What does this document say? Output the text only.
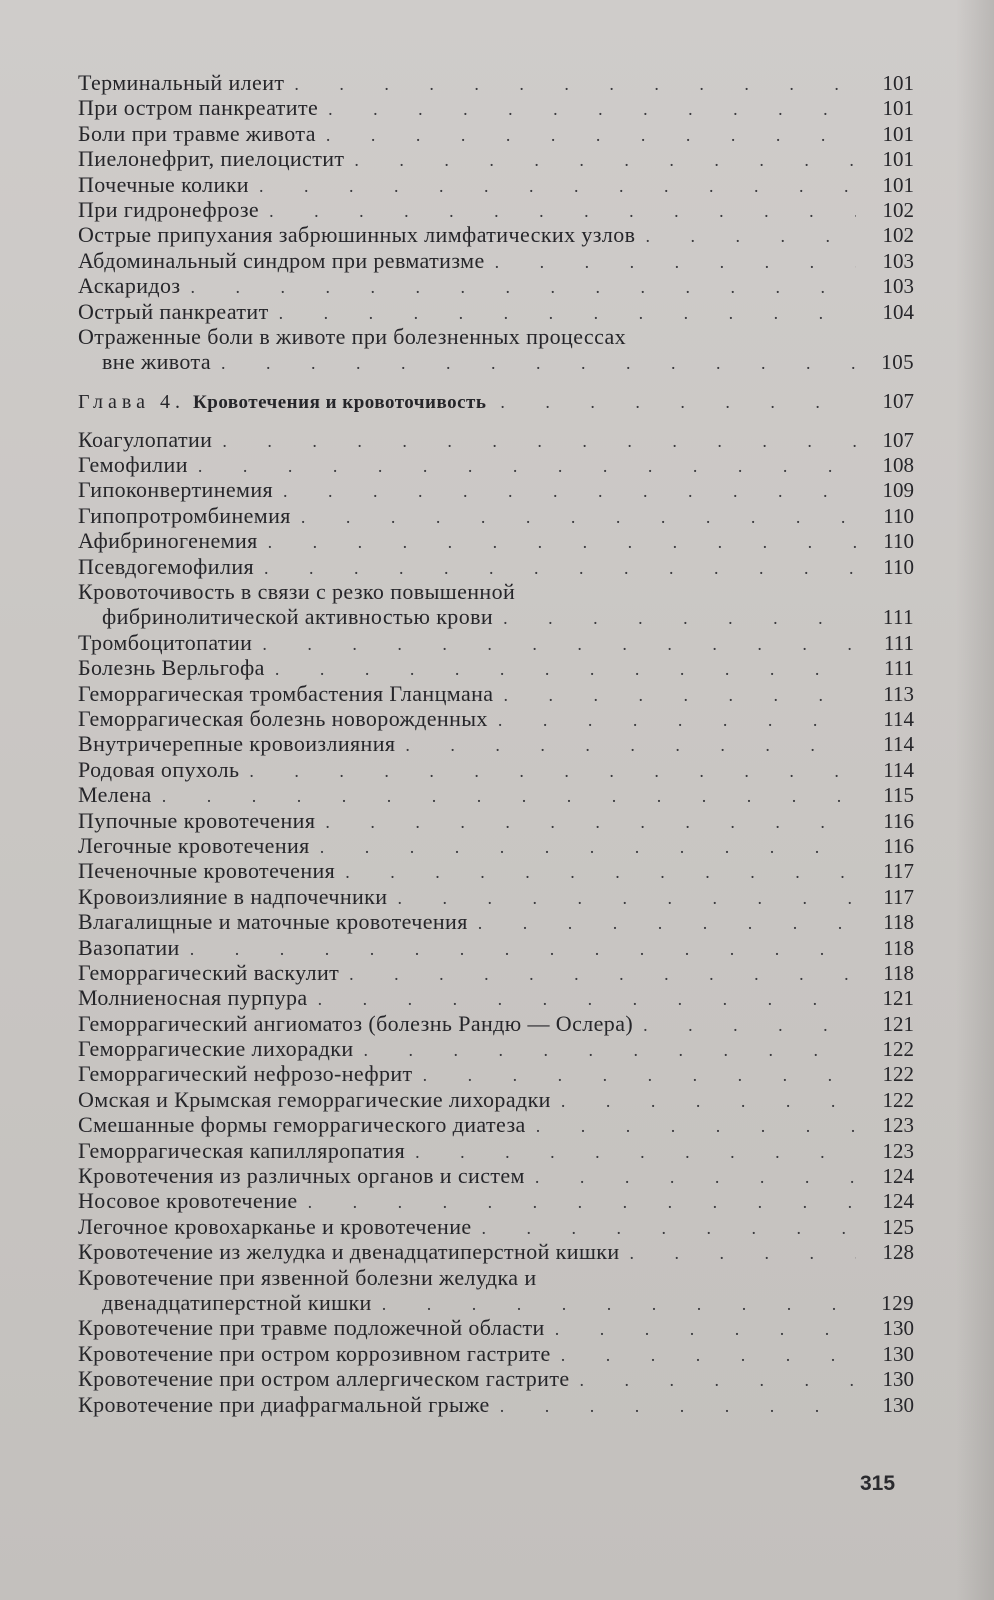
Терминальный илеит . . .	101
При остром панкреатите . . .	101
Боли при травме живота . . .	101
Пиелонефрит, пиелоцистит . . .	101
Почечные колики . . .	101
При гидронефрозе . . .	102
Острые припухания забрюшинных лимфатических узлов . . .	102
Абдоминальный синдром при ревматизме . . .	103
Аскаридоз . . .	103
Острый панкреатит . . .	104
Отраженные боли в животе при болезненных процессах
вне живота . . .	105
Глава 4. Кровотечения и кровоточивость . . .	107
Коагулопатии . . .	107
Гемофилии . . .	108
Гипоконвертинемия . . .	109
Гипопротромбинемия . . .	110
Афибриногенемия . . .	110
Псевдогемофилия . . .	110
Кровоточивость в связи с резко повышенной
фибринолитической активностью крови . . .	111
Тромбоцитопатии . . .	111
Болезнь Верльгофа . . .	111
Геморрагическая тромбастения Гланцмана . . .	113
Геморрагическая болезнь новорожденных . . .	114
Внутричерепные кровоизлияния . . .	114
Родовая опухоль . . .	114
Мелена . . .	115
Пупочные кровотечения . . .	116
Легочные кровотечения . . .	116
Печеночные кровотечения . . .	117
Кровоизлияние в надпочечники . . .	117
Влагалищные и маточные кровотечения . . .	118
Вазопатии . . .	118
Геморрагический васкулит . . .	118
Молниеносная пурпура . . .	121
Геморрагический ангиоматоз (болезнь Рандю — Ослера) . . .	121
Геморрагические лихорадки . . .	122
Геморрагический нефрозо-нефрит . . .	122
Омская и Крымская геморрагические лихорадки . . .	122
Смешанные формы геморрагического диатеза . . .	123
Геморрагическая капилляропатия . . .	123
Кровотечения из различных органов и систем . . .	124
Носовое кровотечение . . .	124
Легочное кровохарканье и кровотечение . . .	125
Кровотечение из желудка и двенадцатиперстной кишки . . .	128
Кровотечение при язвенной болезни желудка и
двенадцатиперстной кишки . . .	129
Кровотечение при травме подложечной области . . .	130
Кровотечение при остром коррозивном гастрите . . .	130
Кровотечение при остром аллергическом гастрите . . .	130
Кровотечение при диафрагмальной грыже . . .	130
315
